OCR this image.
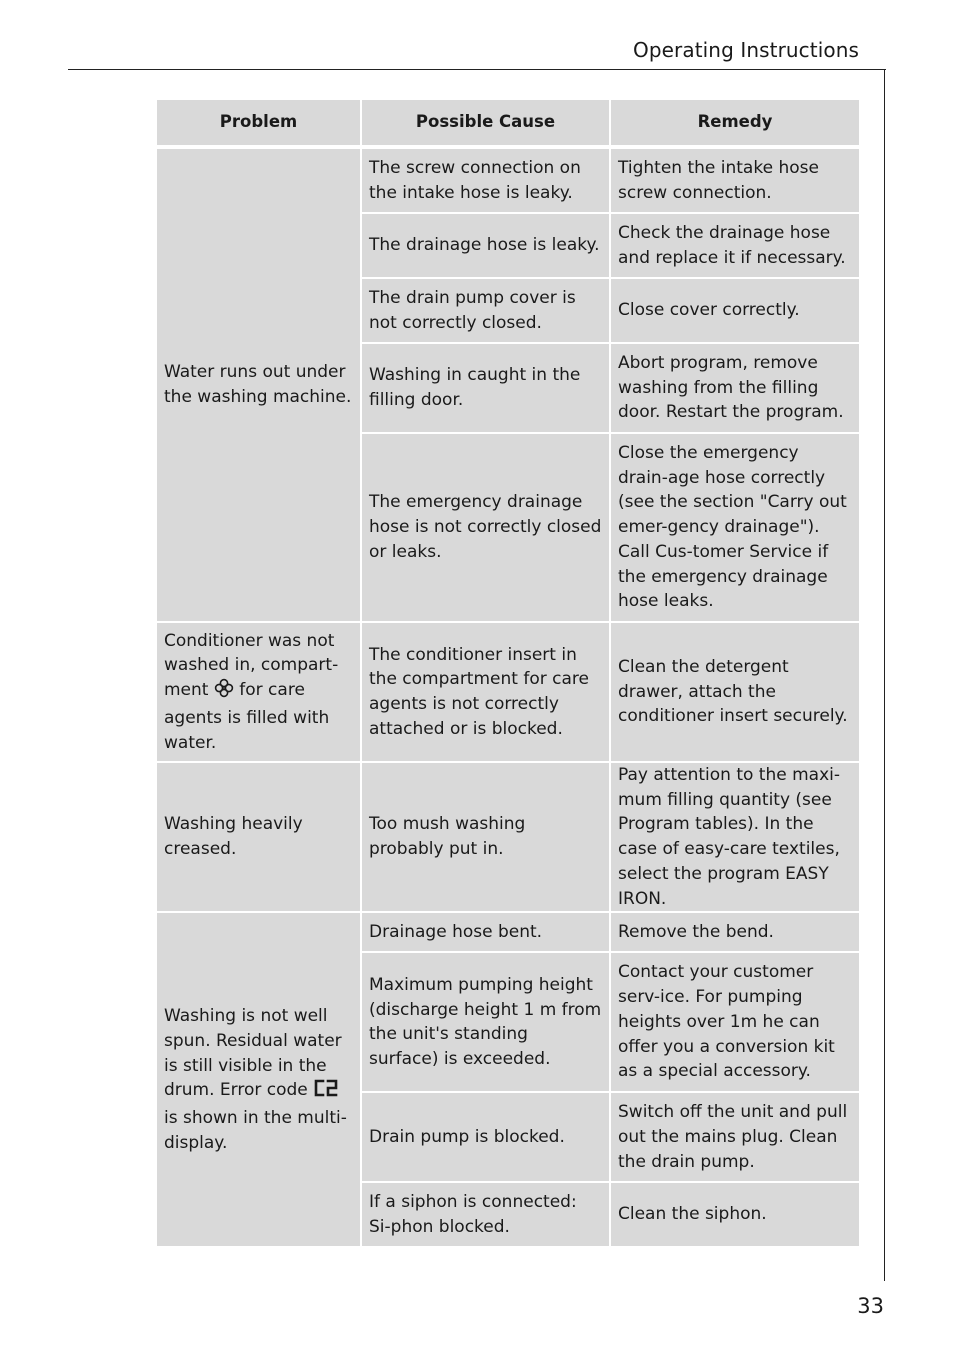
Operating Instructions
Problem	Possible Cause	Remedy
Water runs out under the washing machine.	The screw connection on the intake hose is leaky.	Tighten the intake hose screw connection.
	The drainage hose is leaky.	Check the drainage hose and replace it if necessary.
	The drain pump cover is not correctly closed.	Close cover correctly.
	Washing in caught in the filling door.	Abort program, remove washing from the filling door. Restart the program.
	The emergency drainage hose is not correctly closed or leaks.	Close the emergency drain-age hose correctly (see the section "Carry out emer-gency drainage"). Call Cus-tomer Service if the emergency drainage hose leaks.
Conditioner was not washed in, compart-ment for care agents is filled with water.	The conditioner insert in the compartment for care agents is not correctly attached or is blocked.	Clean the detergent drawer, attach the conditioner insert securely.
Washing heavily creased.	Too mush washing probably put in.	Pay attention to the maxi-mum filling quantity (see Program tables). In the case of easy-care textiles, select the program EASY IRON.
Washing is not well spun. Residual water is still visible in the drum. Error code  is shown in the multi-display.	Drainage hose bent.	Remove the bend.
	Maximum pumping height (discharge height 1 m from the unit's standing surface) is exceeded.	Contact your customer serv-ice. For pumping heights over 1m he can offer you a conversion kit as a special accessory.
	Drain pump is blocked.	Switch off the unit and pull out the mains plug. Clean the drain pump.
	If a siphon is connected: Si-phon blocked.	Clean the siphon.
33
